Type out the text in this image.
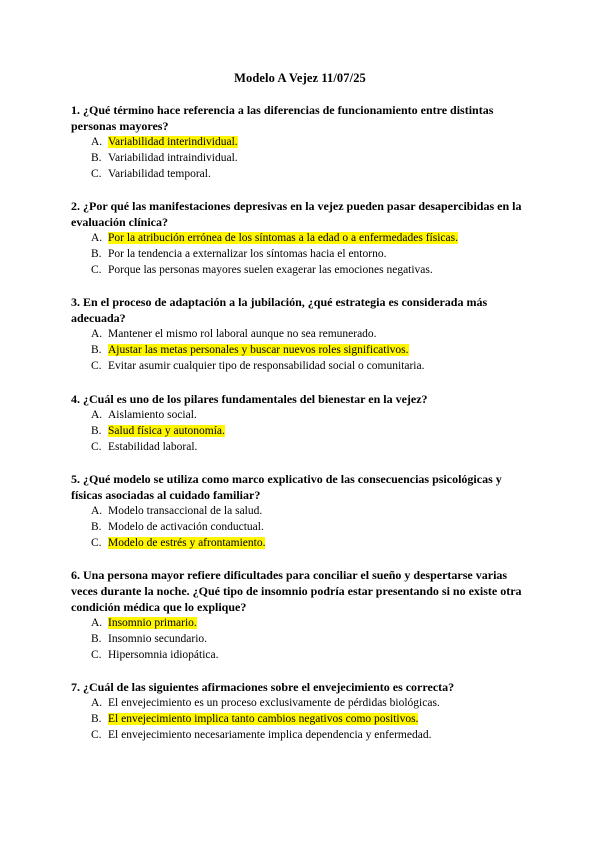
Modelo A Vejez 11/07/25

1. ¿Qué término hace referencia a las diferencias de funcionamiento entre distintas personas mayores?

A. Variabilidad interindividual.
B. Variabilidad intraindividual.
C. Variabilidad temporal.

2. ¿Por qué las manifestaciones depresivas en la vejez pueden pasar desapercibidas en la evaluación clínica?

A. Por la atribución errónea de los síntomas a la edad o a enfermedades físicas.
B. Por la tendencia a externalizar los síntomas hacia el entorno.
C. Porque las personas mayores suelen exagerar las emociones negativas.

3. En el proceso de adaptación a la jubilación, ¿qué estrategia es considerada más adecuada?

A. Mantener el mismo rol laboral aunque no sea remunerado.
B. Ajustar las metas personales y buscar nuevos roles significativos.
C. Evitar asumir cualquier tipo de responsabilidad social o comunitaria.

4. ¿Cuál es uno de los pilares fundamentales del bienestar en la vejez?

A. Aislamiento social.
B. Salud física y autonomía.
C. Estabilidad laboral.

5. ¿Qué modelo se utiliza como marco explicativo de las consecuencias psicológicas y físicas asociadas al cuidado familiar?

A. Modelo transaccional de la salud.
B. Modelo de activación conductual.
C. Modelo de estrés y afrontamiento.

6. Una persona mayor refiere dificultades para conciliar el sueño y despertarse varias veces durante la noche. ¿Qué tipo de insomnio podría estar presentando si no existe otra condición médica que lo explique?

A. Insomnio primario.
B. Insomnio secundario.
C. Hipersomnia idiopática.

7. ¿Cuál de las siguientes afirmaciones sobre el envejecimiento es correcta?

A. El envejecimiento es un proceso exclusivamente de pérdidas biológicas.
B. El envejecimiento implica tanto cambios negativos como positivos.
C. El envejecimiento necesariamente implica dependencia y enfermedad.
